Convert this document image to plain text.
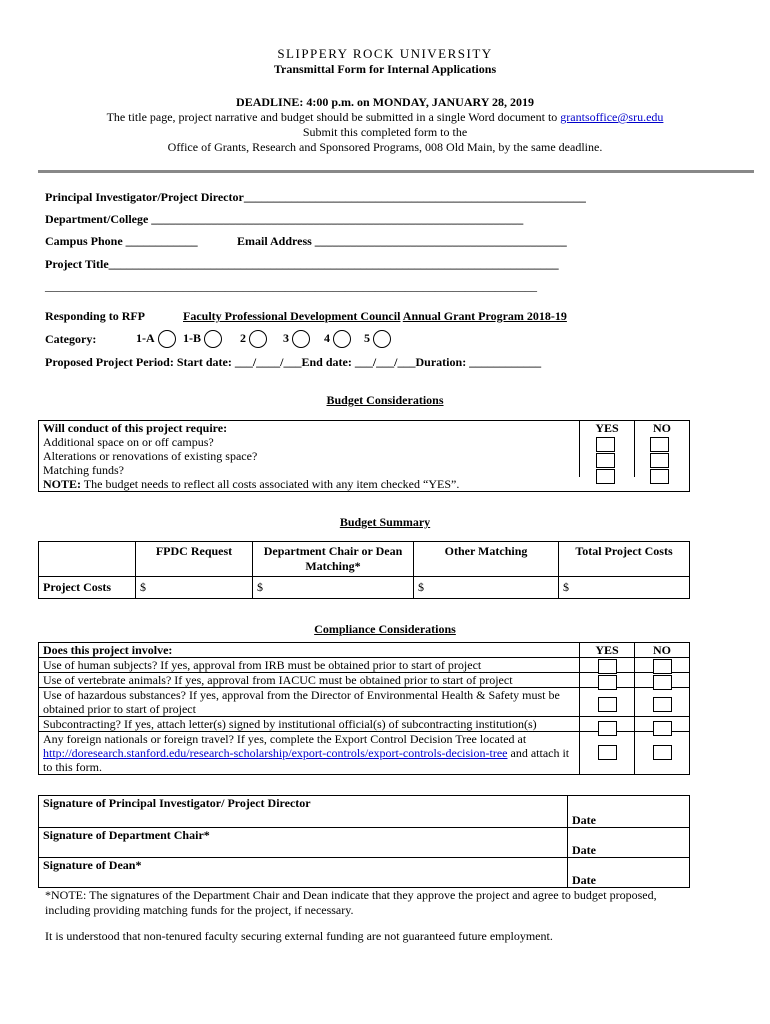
SLIPPERY ROCK UNIVERSITY
Transmittal Form for Internal Applications
DEADLINE: 4:00 p.m. on MONDAY, JANUARY 28, 2019
The title page, project narrative and budget should be submitted in a single Word document to grantsoffice@sru.edu
Submit this completed form to the
Office of Grants, Research and Sponsored Programs, 008 Old Main, by the same deadline.
Principal Investigator/Project Director_________________________________________________________
Department/College ______________________________________________________________
Campus Phone ____________	Email Address __________________________________________
Project Title___________________________________________________________________________
__________________________________________________________________________________
Responding to RFP	Faculty Professional Development Council Annual Grant Program 2018-19
Category:	1-A	1-B	2	3	4	5
Proposed Project Period: Start date: ___/____/___End date: ___/___/___Duration: ____________
Budget Considerations
Will conduct of this project require:	YES	NO
Additional space on or off campus?		
Alterations or renovations of existing space?		
Matching funds?		
NOTE: The budget needs to reflect all costs associated with any item checked “YES”.		
Budget Summary
	FPDC Request	Department Chair or Dean Matching*	Other Matching	Total Project Costs
Project Costs	$	$	$	$
Compliance Considerations
Does this project involve:	YES	NO
Use of human subjects? If yes, approval from IRB must be obtained prior to start of project		
Use of vertebrate animals? If yes, approval from IACUC must be obtained prior to start of project		
Use of hazardous substances? If yes, approval from the Director of Environmental Health & Safety must be obtained prior to start of project		
Subcontracting? If yes, attach letter(s) signed by institutional official(s) of subcontracting institution(s)		
Any foreign nationals or foreign travel? If yes, complete the Export Control Decision Tree located at http://doresearch.stanford.edu/research-scholarship/export-controls/export-controls-decision-tree and attach it to this form.		
Signature of Principal Investigator/ Project Director	Date
Signature of Department Chair*	Date
Signature of Dean*	Date
*NOTE: The signatures of the Department Chair and Dean indicate that they approve the project and agree to budget proposed, including providing matching funds for the project, if necessary.
It is understood that non-tenured faculty securing external funding are not guaranteed future employment.
